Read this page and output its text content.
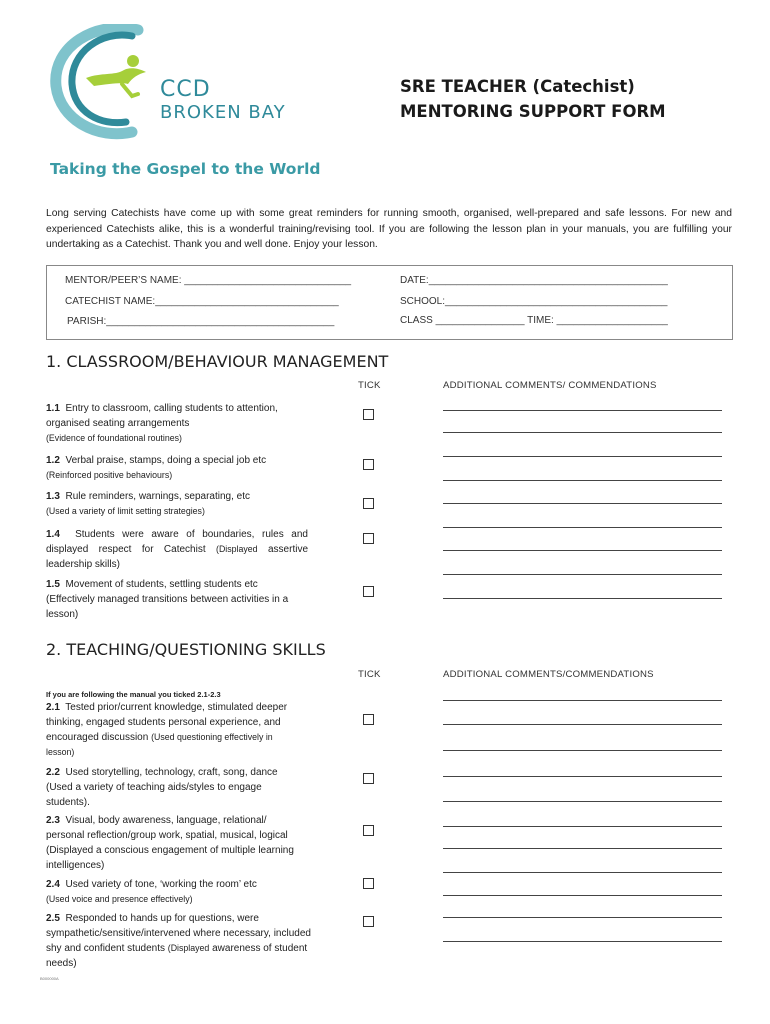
CCD
BROKEN BAY
Taking the Gospel to the World
SRE TEACHER (Catechist)
MENTORING SUPPORT FORM
Long serving Catechists have come up with some great reminders for running smooth, organised, well-prepared and safe lessons. For new and experienced Catechists alike, this is a wonderful training/revising tool. If you are following the lesson plan in your manuals, you are fulfilling your undertaking as a Catechist. Thank you and well done. Enjoy your lesson.
MENTOR/PEER’S NAME: ______________________________	DATE:___________________________________________
CATECHIST NAME:_________________________________	SCHOOL:________________________________________
PARISH:_________________________________________	CLASS ________________ TIME: ____________________
1. CLASSROOM/BEHAVIOUR MANAGEMENT
TICK	ADDITIONAL COMMENTS/ COMMENDATIONS
1.1 Entry to classroom, calling students to attention, organised seating arrangements
(Evidence of foundational routines)
1.2 Verbal praise, stamps, doing a special job etc (Reinforced positive behaviours)
1.3 Rule reminders, warnings, separating, etc
(Used a variety of limit setting strategies)
1.4 Students were aware of boundaries, rules and displayed respect for Catechist (Displayed assertive leadership skills)
1.5 Movement of students, settling students etc
(Effectively managed transitions between activities in a lesson)
2. TEACHING/QUESTIONING SKILLS
TICK	ADDITIONAL COMMENTS/COMMENDATIONS
If you are following the manual you ticked 2.1-2.3
2.1 Tested prior/current knowledge, stimulated deeper thinking, engaged students personal experience, and encouraged discussion (Used questioning effectively in lesson)
2.2 Used storytelling, technology, craft, song, dance (Used a variety of teaching aids/styles to engage students).
2.3 Visual, body awareness, language, relational/ personal reflection/group work, spatial, musical, logical (Displayed a conscious engagement of multiple learning intelligences)
2.4 Used variety of tone, ‘working the room’ etc
(Used voice and presence effectively)
2.5 Responded to hands up for questions, were sympathetic/sensitive/intervened where necessary, included shy and confident students (Displayed awareness of student needs)
B000000A
